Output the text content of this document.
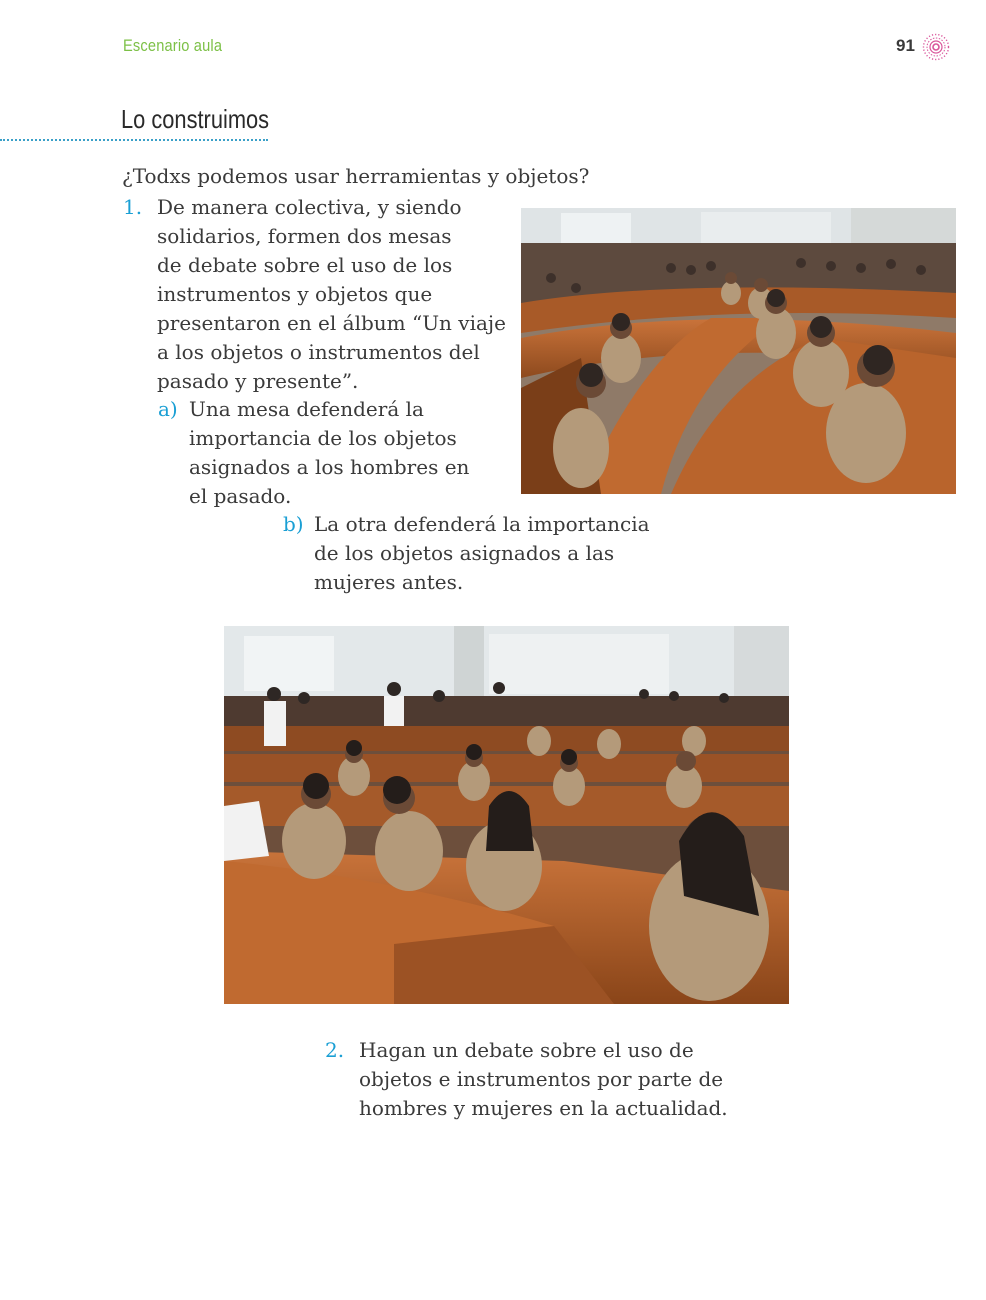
Escenario aula	91
Lo construimos
¿Todxs podemos usar herramientas y objetos?
1. De manera colectiva, y siendo
solidarios, formen dos mesas
de debate sobre el uso de los
instrumentos y objetos que
presentaron en el álbum “Un viaje
a los objetos o instrumentos del
pasado y presente”.
a) Una mesa defenderá la
importancia de los objetos
asignados a los hombres en
el pasado.
b) La otra defenderá la importancia
de los objetos asignados a las
mujeres antes.
2. Hagan un debate sobre el uso de
objetos e instrumentos por parte de
hombres y mujeres en la actualidad.
